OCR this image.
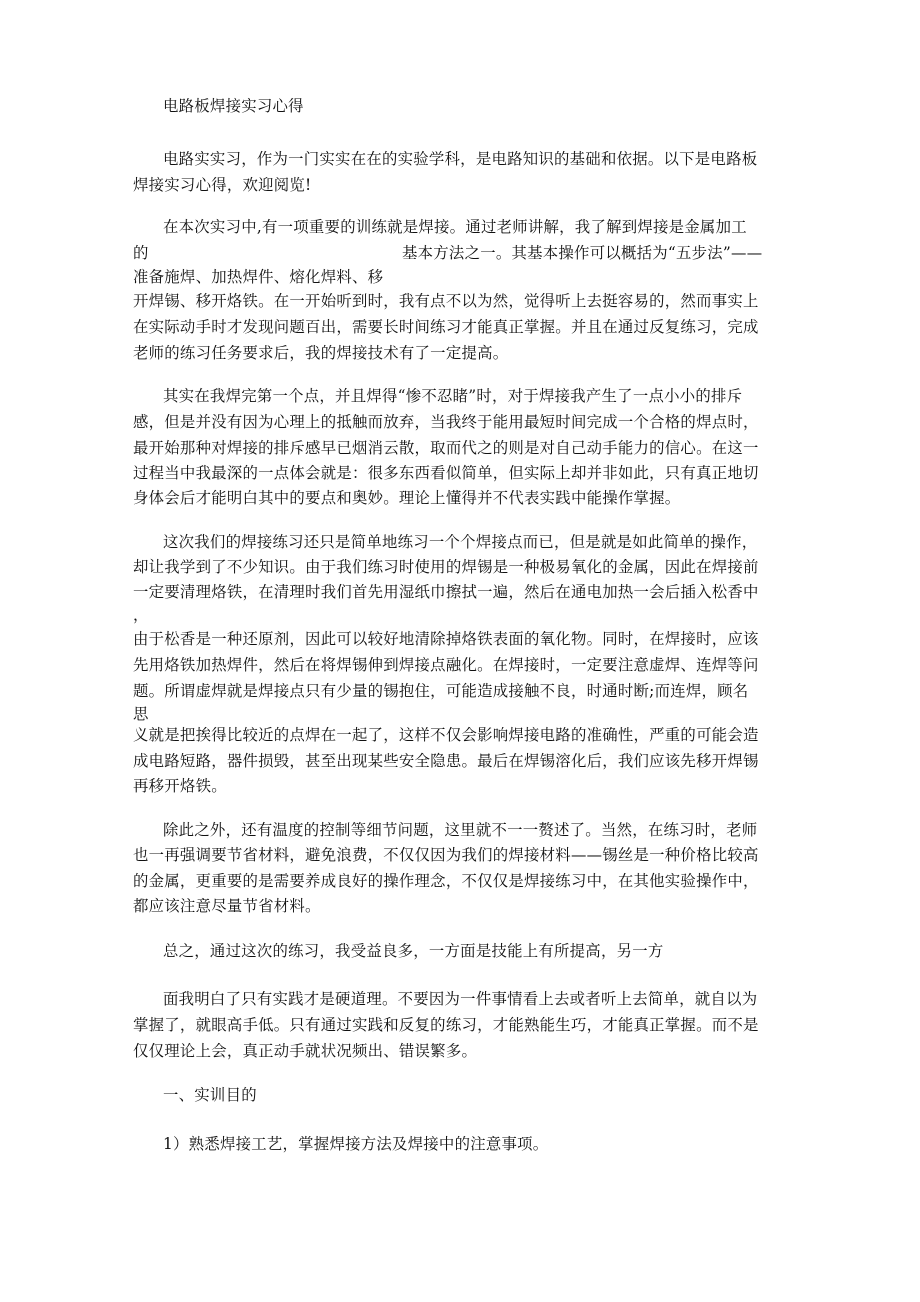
电路板焊接实习心得
电路实实习，作为一门实实在在的实验学科，是电路知识的基础和依据。以下是电路板
焊接实习心得，欢迎阅览!
在本次实习中,有一项重要的训练就是焊接。通过老师讲解，我了解到焊接是金属加工
的	基本方法之一。其基本操作可以概括为“五步法”——
准备施焊、加热焊件、熔化焊料、移
开焊锡、移开烙铁。在一开始听到时，我有点不以为然，觉得听上去挺容易的，然而事实上
在实际动手时才发现问题百出，需要长时间练习才能真正掌握。并且在通过反复练习，完成
老师的练习任务要求后，我的焊接技术有了一定提高。
其实在我焊完第一个点，并且焊得“惨不忍睹”时，对于焊接我产生了一点小小的排斥
感，但是并没有因为心理上的抵触而放弃，当我终于能用最短时间完成一个合格的焊点时，
最开始那种对焊接的排斥感早已烟消云散，取而代之的则是对自己动手能力的信心。在这一
过程当中我最深的一点体会就是：很多东西看似简单，但实际上却并非如此，只有真正地切
身体会后才能明白其中的要点和奥妙。理论上懂得并不代表实践中能操作掌握。
这次我们的焊接练习还只是简单地练习一个个焊接点而已，但是就是如此简单的操作，
却让我学到了不少知识。由于我们练习时使用的焊锡是一种极易氧化的金属，因此在焊接前
一定要清理烙铁，在清理时我们首先用湿纸巾擦拭一遍，然后在通电加热一会后插入松香中
，
由于松香是一种还原剂，因此可以较好地清除掉烙铁表面的氧化物。同时，在焊接时，应该
先用烙铁加热焊件，然后在将焊锡伸到焊接点融化。在焊接时，一定要注意虚焊、连焊等问
题。所谓虚焊就是焊接点只有少量的锡抱住，可能造成接触不良，时通时断;而连焊，顾名
思
义就是把挨得比较近的点焊在一起了，这样不仅会影响焊接电路的准确性，严重的可能会造
成电路短路，器件损毁，甚至出现某些安全隐患。最后在焊锡溶化后，我们应该先移开焊锡
再移开烙铁。
除此之外，还有温度的控制等细节问题，这里就不一一赘述了。当然，在练习时，老师
也一再强调要节省材料，避免浪费，不仅仅因为我们的焊接材料——锡丝是一种价格比较高
的金属，更重要的是需要养成良好的操作理念，不仅仅是焊接练习中，在其他实验操作中，
都应该注意尽量节省材料。
总之，通过这次的练习，我受益良多，一方面是技能上有所提高，另一方
面我明白了只有实践才是硬道理。不要因为一件事情看上去或者听上去简单，就自以为
掌握了，就眼高手低。只有通过实践和反复的练习，才能熟能生巧，才能真正掌握。而不是
仅仅理论上会，真正动手就状况频出、错误繁多。
一、实训目的
1）熟悉焊接工艺，掌握焊接方法及焊接中的注意事项。
